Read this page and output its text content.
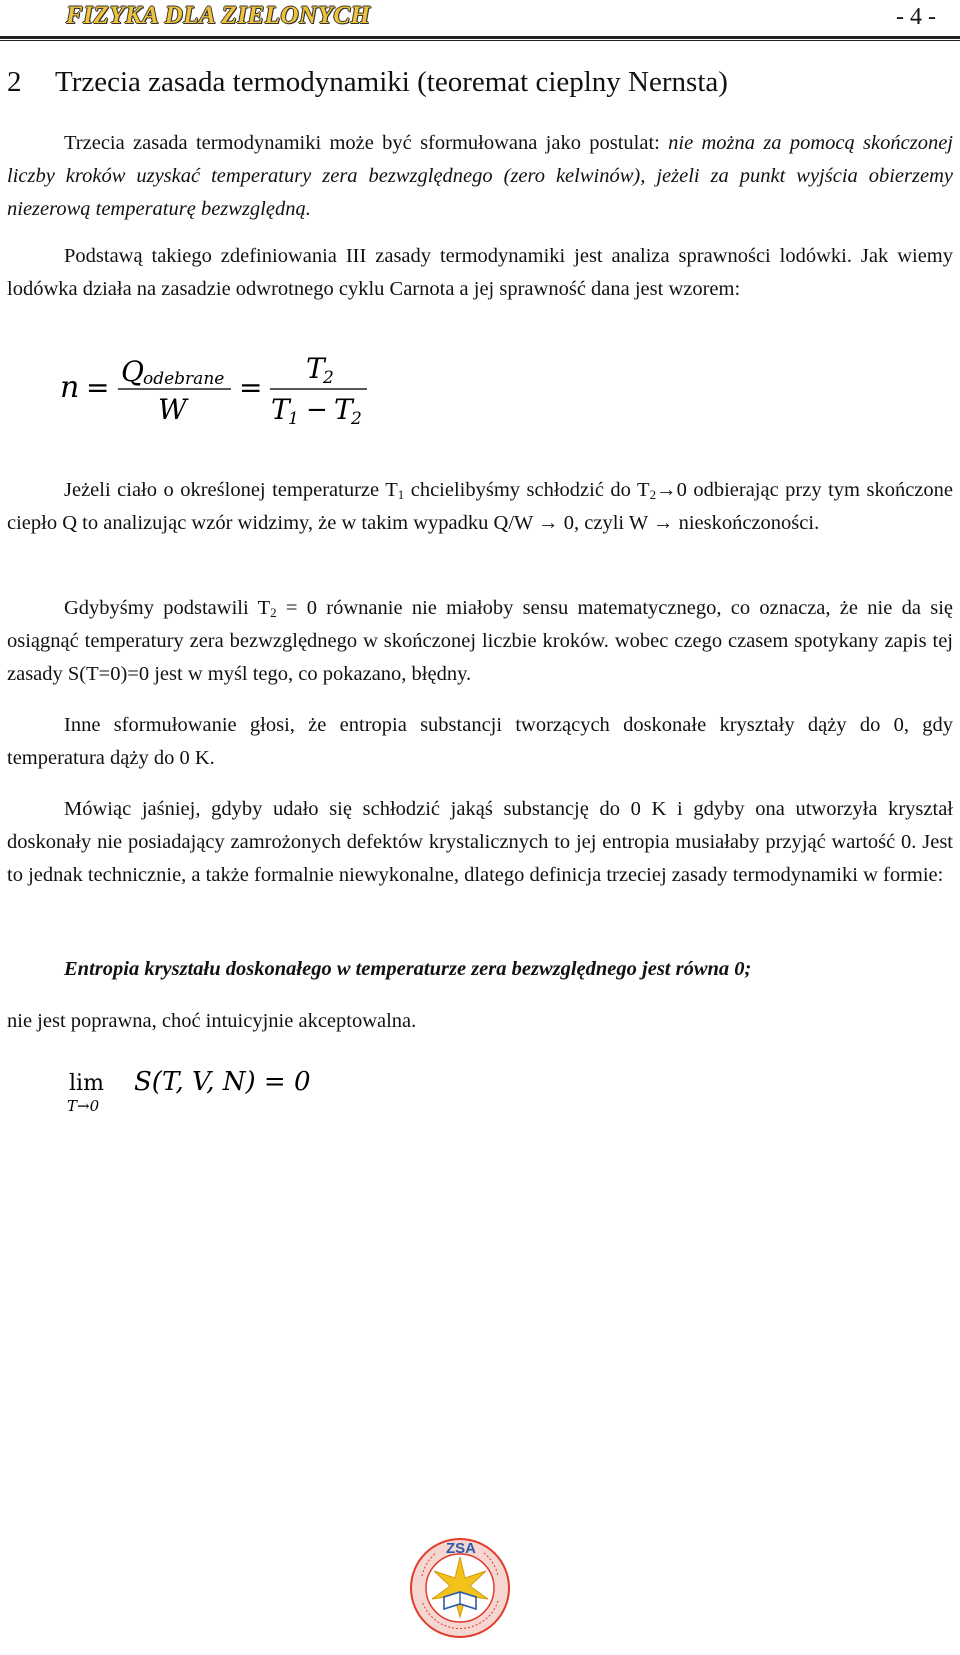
FIZYKA DLA ZIELONYCH	- 4 -
2 Trzecia zasada termodynamiki (teoremat cieplny Nernsta)
Trzecia zasada termodynamiki może być sformułowana jako postulat: nie można za pomocą skończonej liczby kroków uzyskać temperatury zera bezwzględnego (zero kelwinów), jeżeli za punkt wyjścia obierzemy niezerową temperaturę bezwzględną.
Podstawą takiego zdefiniowania III zasady termodynamiki jest analiza sprawności lodówki. Jak wiemy lodówka działa na zasadzie odwrotnego cyklu Carnota a jej sprawność dana jest wzorem:
n = Q odebrane
W
=
T
2
T
1 − T
2
Jeżeli ciało o określonej temperaturze $T_1$ chcielibyśmy schłodzić do $T_2\to 0$ odbierając przy tym skończone ciepło Q to analizując wzór widzimy, że w takim wypadku Q/W → 0, czyli W → nieskończoności.
Gdybyśmy podstawili $T_2 = 0$ równanie nie miałoby sensu matematycznego, co oznacza, że nie da się osiągnąć temperatury zera bezwzględnego w skończonej liczbie kroków. wobec czego czasem spotykany zapis tej zasady S(T=0)=0 jest w myśl tego, co pokazano, błędny.
Inne sformułowanie głosi, że entropia substancji tworzących doskonałe kryształy dąży do 0, gdy temperatura dąży do 0 K.
Mówiąc jaśniej, gdyby udało się schłodzić jakąś substancję do 0 K i gdyby ona utworzyła kryształ doskonały nie posiadający zamrożonych defektów krystalicznych to jej entropia musiałaby przyjąć wartość 0. Jest to jednak technicznie, a także formalnie niewykonalne, dlatego definicja trzeciej zasady termodynamiki w formie:
Entropia kryształu doskonałego w temperaturze zera bezwzględnego jest równa 0;
nie jest poprawna, choć intuicyjnie akceptowalna.
lim
T→0
S(T, V, N) = 0
ZSA
